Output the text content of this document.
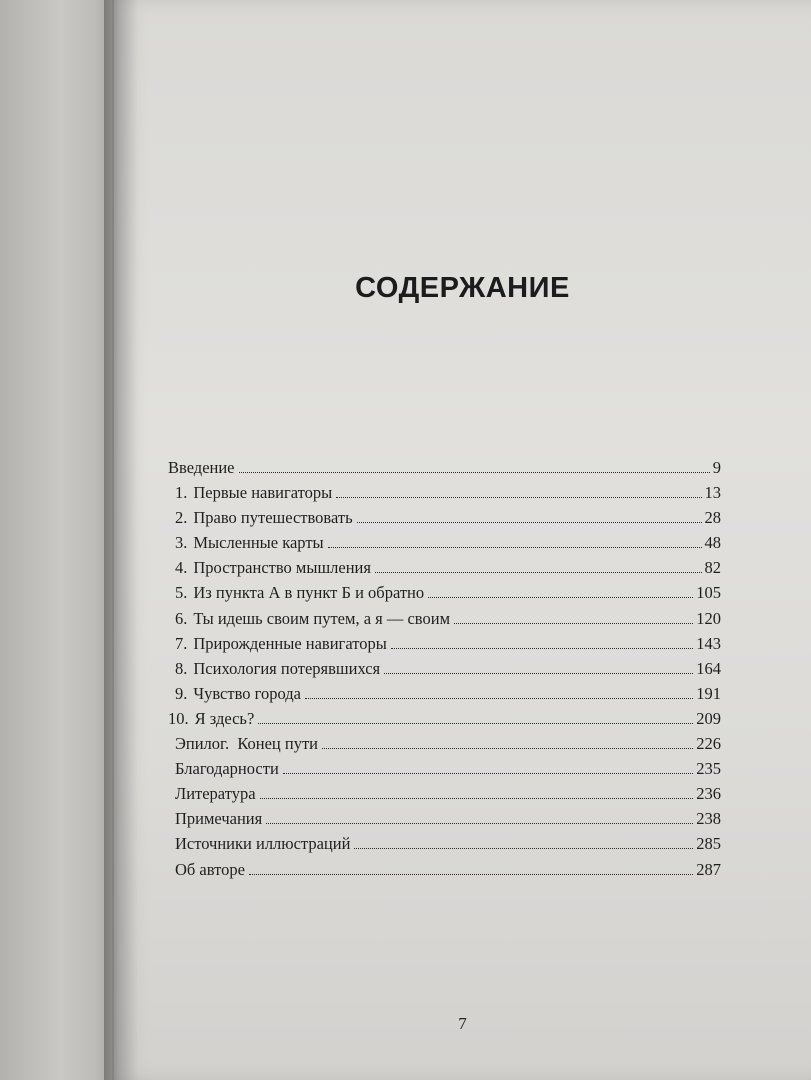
СОДЕРЖАНИЕ
Введение	9
1. Первые навигаторы	13
2. Право путешествовать	28
3. Мысленные карты	48
4. Пространство мышления	82
5. Из пункта А в пункт Б и обратно	105
6. Ты идешь своим путем, а я — своим	120
7. Прирожденные навигаторы	143
8. Психология потерявшихся	164
9. Чувство города	191
10. Я здесь?	209
Эпилог.  Конец пути	226
Благодарности	235
Литература	236
Примечания	238
Источники иллюстраций	285
Об авторе	287
7
